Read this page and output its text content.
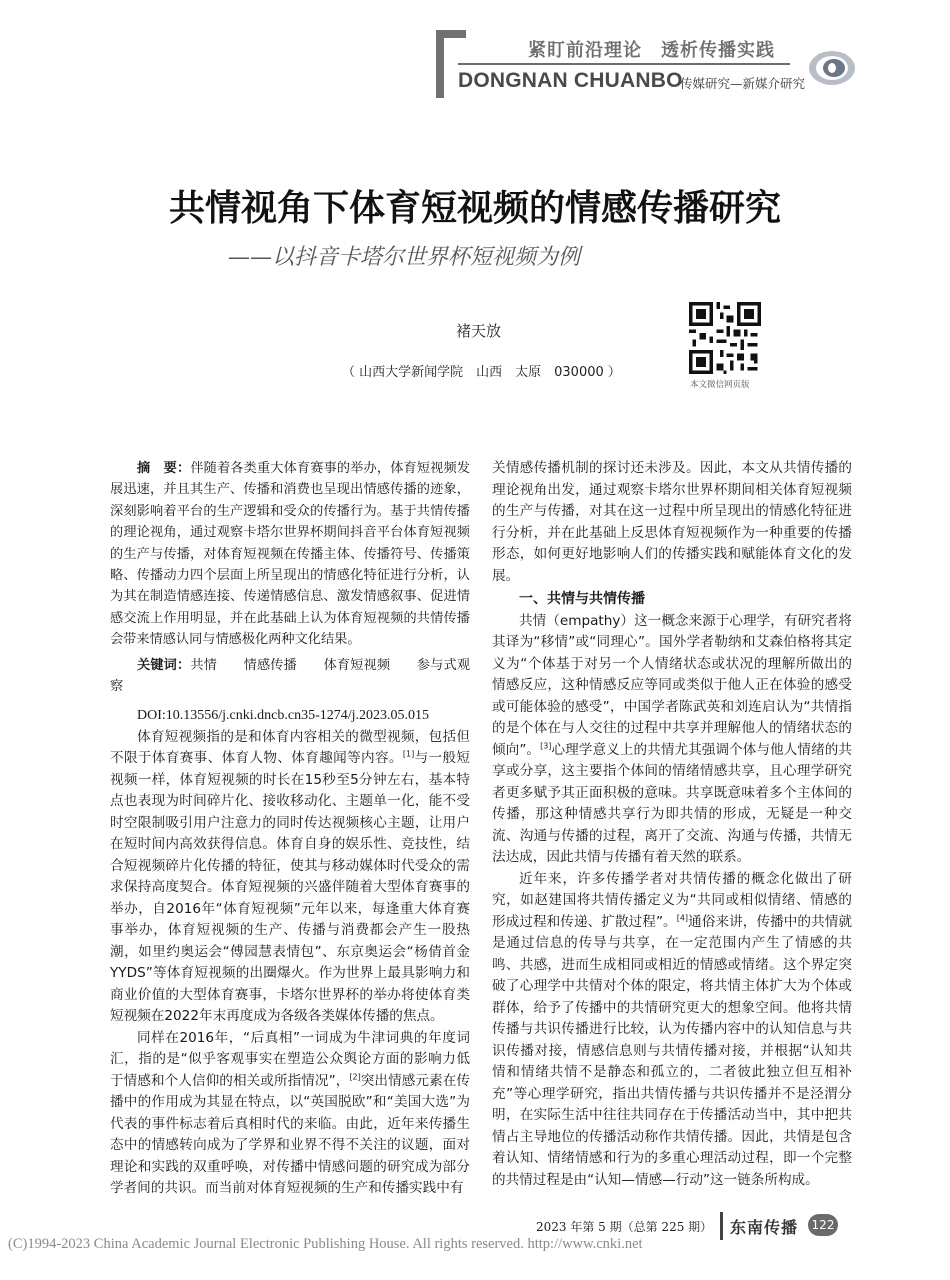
紧盯前沿理论　透析传播实践
DONGNAN CHUANBO
传媒研究—新媒介研究
共情视角下体育短视频的情感传播研究
——以抖音卡塔尔世界杯短视频为例
褚天放
（ 山西大学新闻学院　山西　太原　030000 ）
本文微信网页版
摘　要：伴随着各类重大体育赛事的举办，体育短视频发展迅速，并且其生产、传播和消费也呈现出情感传播的迹象，深刻影响着平台的生产逻辑和受众的传播行为。基于共情传播的理论视角，通过观察卡塔尔世界杯期间抖音平台体育短视频的生产与传播，对体育短视频在传播主体、传播符号、传播策略、传播动力四个层面上所呈现出的情感化特征进行分析，认为其在制造情感连接、传递情感信息、激发情感叙事、促进情感交流上作用明显，并在此基础上认为体育短视频的共情传播会带来情感认同与情感极化两种文化结果。
关键词：共情　　情感传播　　体育短视频　　参与式观察
DOI:10.13556/j.cnki.dncb.cn35-1274/j.2023.05.015
体育短视频指的是和体育内容相关的微型视频，包括但不限于体育赛事、体育人物、体育趣闻等内容。[1]与一般短视频一样，体育短视频的时长在15秒至5分钟左右，基本特点也表现为时间碎片化、接收移动化、主题单一化，能不受时空限制吸引用户注意力的同时传达视频核心主题，让用户在短时间内高效获得信息。体育自身的娱乐性、竞技性，结合短视频碎片化传播的特征，使其与移动媒体时代受众的需求保持高度契合。体育短视频的兴盛伴随着大型体育赛事的举办，自2016年“体育短视频”元年以来，每逢重大体育赛事举办，体育短视频的生产、传播与消费都会产生一股热潮，如里约奥运会“傅园慧表情包”、东京奥运会“杨倩首金YYDS”等体育短视频的出圈爆火。作为世界上最具影响力和商业价值的大型体育赛事，卡塔尔世界杯的举办将使体育类短视频在2022年末再度成为各级各类媒体传播的焦点。
同样在2016年，“后真相”一词成为牛津词典的年度词汇，指的是“似乎客观事实在塑造公众舆论方面的影响力低于情感和个人信仰的相关或所指情况”，[2]突出情感元素在传播中的作用成为其显在特点，以“英国脱欧”和“美国大选”为代表的事件标志着后真相时代的来临。由此，近年来传播生态中的情感转向成为了学界和业界不得不关注的议题，面对理论和实践的双重呼唤，对传播中情感问题的研究成为部分学者间的共识。而当前对体育短视频的生产和传播实践中有
关情感传播机制的探讨还未涉及。因此，本文从共情传播的理论视角出发，通过观察卡塔尔世界杯期间相关体育短视频的生产与传播，对其在这一过程中所呈现出的情感化特征进行分析，并在此基础上反思体育短视频作为一种重要的传播形态，如何更好地影响人们的传播实践和赋能体育文化的发展。
一、共情与共情传播
共情（empathy）这一概念来源于心理学，有研究者将其译为“移情”或“同理心”。国外学者勒纳和艾森伯格将其定义为“个体基于对另一个人情绪状态或状况的理解所做出的情感反应，这种情感反应等同或类似于他人正在体验的感受或可能体验的感受”，中国学者陈武英和刘连启认为“共情指的是个体在与人交往的过程中共享并理解他人的情绪状态的倾向”。[3]心理学意义上的共情尤其强调个体与他人情绪的共享或分享，这主要指个体间的情绪情感共享，且心理学研究者更多赋予其正面积极的意味。共享既意味着多个主体间的传播，那这种情感共享行为即共情的形成，无疑是一种交流、沟通与传播的过程，离开了交流、沟通与传播，共情无法达成，因此共情与传播有着天然的联系。
近年来，许多传播学者对共情传播的概念化做出了研究，如赵建国将共情传播定义为“共同或相似情绪、情感的形成过程和传递、扩散过程”。[4]通俗来讲，传播中的共情就是通过信息的传导与共享，在一定范围内产生了情感的共鸣、共感，进而生成相同或相近的情感或情绪。这个界定突破了心理学中共情对个体的限定，将共情主体扩大为个体或群体，给予了传播中的共情研究更大的想象空间。他将共情传播与共识传播进行比较，认为传播内容中的认知信息与共识传播对接，情感信息则与共情传播对接，并根据“认知共情和情绪共情不是静态和孤立的，二者彼此独立但互相补充”等心理学研究，指出共情传播与共识传播并不是泾渭分明，在实际生活中往往共同存在于传播活动当中，其中把共情占主导地位的传播活动称作共情传播。因此，共情是包含着认知、情绪情感和行为的多重心理活动过程，即一个完整的共情过程是由“认知—情感—行动”这一链条所构成。
2023 年第 5 期（总第 225 期） 东南传播 122
(C)1994-2023 China Academic Journal Electronic Publishing House. All rights reserved. http://www.cnki.net
